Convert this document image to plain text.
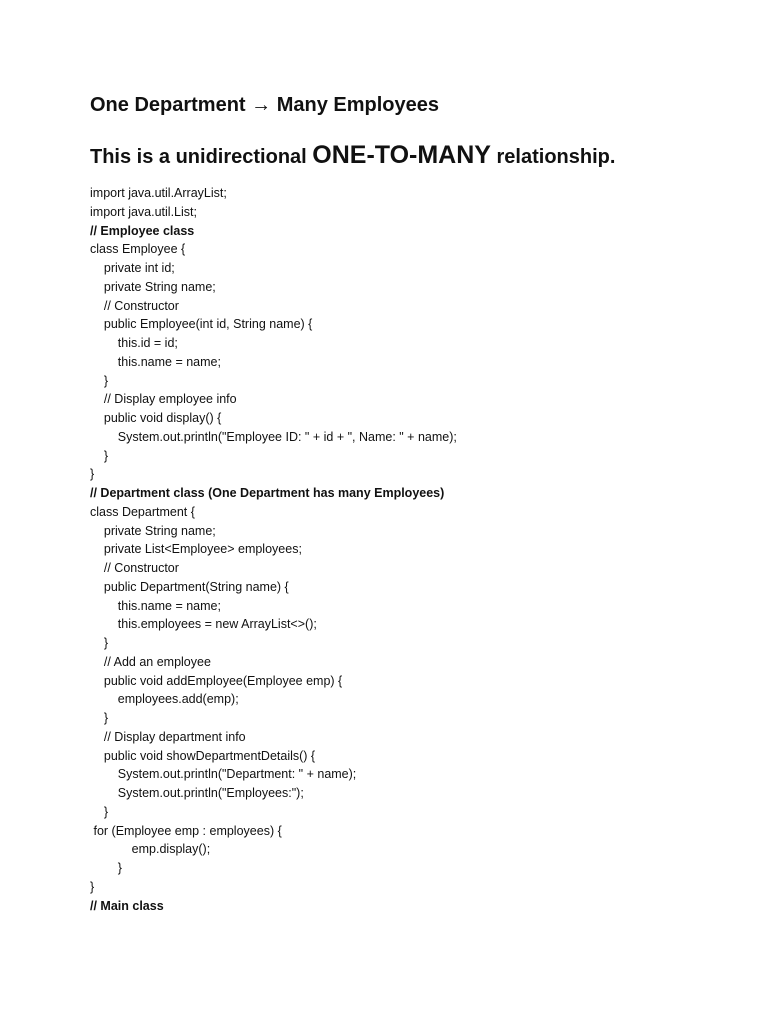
One Department → Many Employees
This is a unidirectional ONE-TO-MANY relationship.
import java.util.ArrayList;
import java.util.List;
// Employee class
class Employee {
private int id;
private String name;
// Constructor
public Employee(int id, String name) {
this.id = id;
this.name = name;
}
// Display employee info
public void display() {
System.out.println("Employee ID: " + id + ", Name: " + name);
}
}
// Department class (One Department has many Employees)
class Department {
private String name;
private List<Employee> employees;
// Constructor
public Department(String name) {
this.name = name;
this.employees = new ArrayList<>();
}
// Add an employee
public void addEmployee(Employee emp) {
employees.add(emp);
}
// Display department info
public void showDepartmentDetails() {
System.out.println("Department: " + name);
System.out.println("Employees:");
}
for (Employee emp : employees) {
emp.display();
}
}
// Main class
